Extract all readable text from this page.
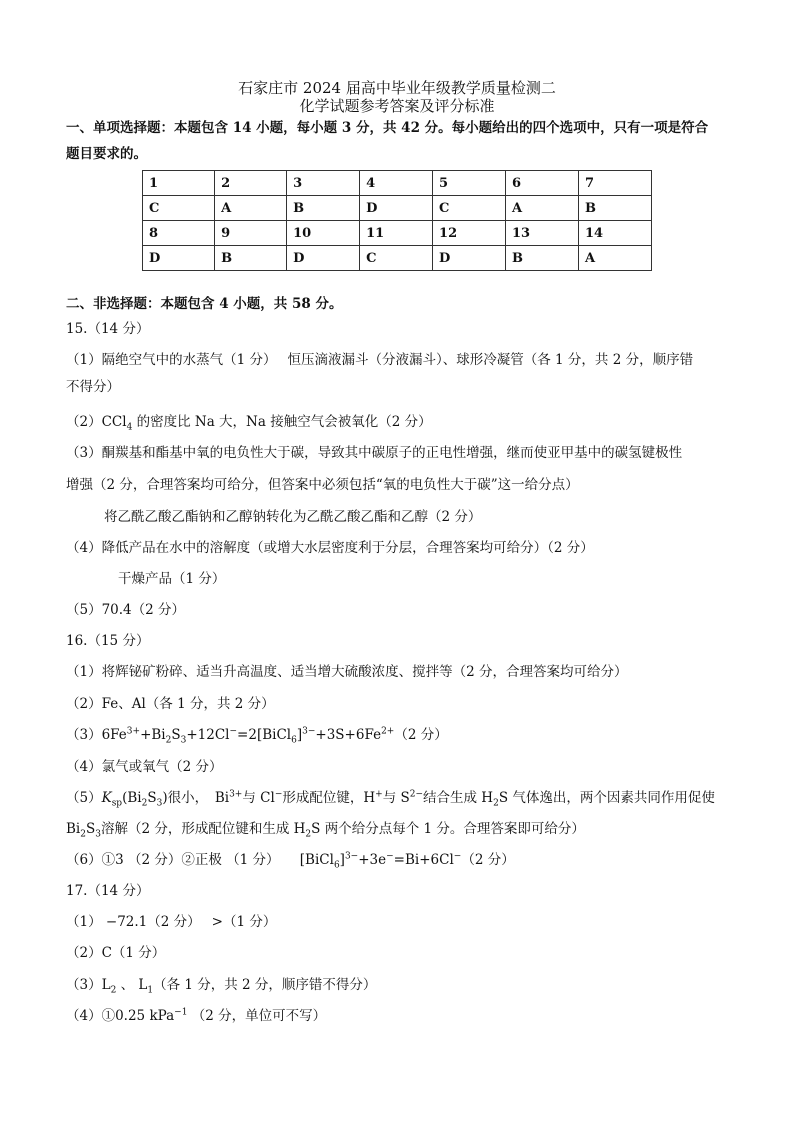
石家庄市 2024 届高中毕业年级教学质量检测二
化学试题参考答案及评分标准
一、单项选择题：本题包含 14 小题，每小题 3 分，共 42 分。每小题给出的四个选项中，只有一项是符合
题目要求的。
1	2	3	4	5	6	7
C	A	B	D	C	A	B
8	9	10	11	12	13	14
D	B	D	C	D	B	A
二、非选择题：本题包含 4 小题，共 58 分。
15.（14 分）
（1）隔绝空气中的水蒸气（1 分）　 恒压滴液漏斗（分液漏斗）、球形冷凝管（各 1 分，共 2 分，顺序错
不得分）
（2）CCl$_4$ 的密度比 Na 大，Na 接触空气会被氧化（2 分）
（3）酮羰基和酯基中氧的电负性大于碳，导致其中碳原子的正电性增强，继而使亚甲基中的碳氢键极性
增强（2 分，合理答案均可给分，但答案中必须包括“氧的电负性大于碳”这一给分点）
将乙酰乙酸乙酯钠和乙醇钠转化为乙酰乙酸乙酯和乙醇（2 分）
（4）降低产品在水中的溶解度（或增大水层密度利于分层，合理答案均可给分）（2 分）
干燥产品（1 分）
（5）70.4（2 分）
16.（15 分）
（1）将辉铋矿粉碎、适当升高温度、适当增大硫酸浓度、搅拌等（2 分，合理答案均可给分）
（2）Fe、Al（各 1 分，共 2 分）
$(3)6Fe^{3+}+Bi_2S_3+12Cl^-=2[BiCl_6]^{3-}+3S+6Fe^{2+}(2$ 分）
（4）氯气或氧气（2 分）
$(5)K_{sp}(Bi_2S_3)$很小，　$Bi^{3+}$与 Cl−形成配位键，H+与 $S^{2-}$结合生成 $H_2S$ 气体逸出，两个因素共同作用促使
$Bi_2S_3$溶解（2 分，形成配位键和生成 $H_2S$ 两个给分点每个 1 分。合理答案即可给分）
（6）①3 （2 分）②正极 （1 分）　　[BiCl$_6$]$^{3-}$+3e−=Bi+6Cl−（2 分）
17.（14 分）
（1） −72.1（2 分）　 >（1 分）
（2）C（1 分）
$(3)L_2$ 、 $L_1$（各 1 分，共 2 分，顺序错不得分）
（4）①0.25 kPa$^{-1}$ （2 分，单位可不写）
